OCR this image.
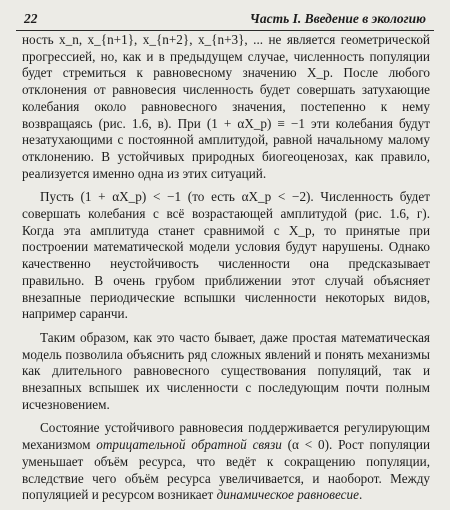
22	Часть I. Введение в экологию

ность x_n, x_{n+1}, x_{n+2}, x_{n+3}, ... не является геометрической прогрессией, но, как и в предыдущем случае, численность популяции будет стремиться к равновесному значению X_p. После любого отклонения от равновесия численность будет совершать затухающие колебания около равновесного значения, постепенно к нему возвращаясь (рис. 1.6, в). При (1 + αX_p) ≡ −1 эти колебания будут незатухающими с постоянной амплитудой, равной начальному малому отклонению. В устойчивых природных биогеоценозах, как правило, реализуется именно одна из этих ситуаций.

Пусть (1 + αX_p) < −1 (то есть αX_p < −2). Численность будет совершать колебания с всё возрастающей амплитудой (рис. 1.6, г). Когда эта амплитуда станет сравнимой с X_p, то принятые при построении математической модели условия будут нарушены. Однако качественно неустойчивость численности она предсказывает правильно. В очень грубом приближении этот случай объясняет внезапные периодические вспышки численности некоторых видов, например саранчи.

Таким образом, как это часто бывает, даже простая математическая модель позволила объяснить ряд сложных явлений и понять механизмы как длительного равновесного существования популяций, так и внезапных вспышек их численности с последующим почти полным исчезновением.

Состояние устойчивого равновесия поддерживается регулирующим механизмом отрицательной обратной связи (α < 0). Рост популяции уменьшает объём ресурса, что ведёт к сокращению популяции, вследствие чего объём ресурса увеличивается, и наоборот. Между популяцией и ресурсом возникает динамическое равновесие.
